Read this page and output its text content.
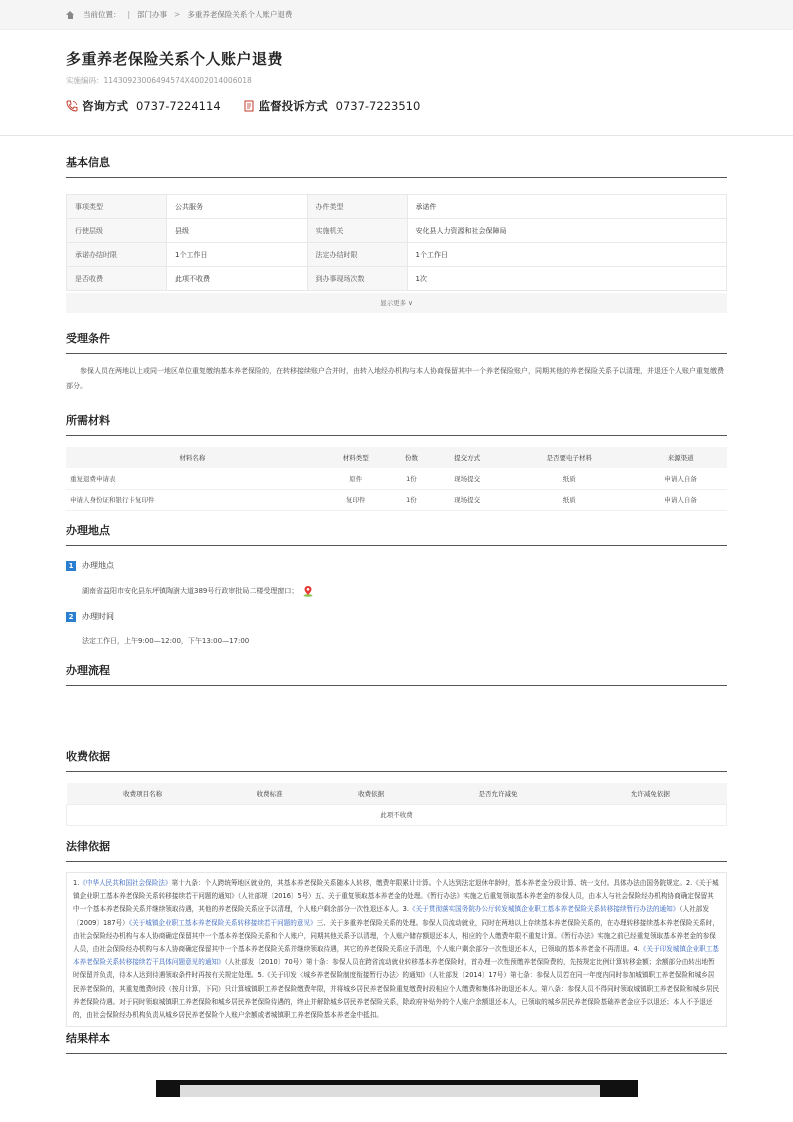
当前位置： | 部门办事 > 多重养老保险关系个人账户退费
多重养老保险关系个人账户退费
实施编码：11430923006494574X4002014006018
咨询方式 0737-7224114	监督投诉方式 0737-7223510
基本信息
事项类型	公共服务	办件类型	承诺件
行使层级	县级	实施机关	安化县人力资源和社会保障局
承诺办结时限	1个工作日	法定办结时限	1个工作日
是否收费	此项不收费	到办事现场次数	1次
显示更多 ∨
受理条件
参保人员在两地以上或同一地区单位重复缴纳基本养老保险的，在转移接续账户合并时，由转入地经办机构与本人协商保留其中一个养老保险账户，同期其他的养老保险关系予以清理，并退还个人账户重复缴费部分。
所需材料
材料名称	材料类型	份数	提交方式	是否要电子材料	来源渠道
重复退费申请表	原件	1份	现场提交	纸质	申请人自备
申请人身份证和银行卡复印件	复印件	1份	现场提交	纸质	申请人自备
办理地点
1	办理地点
湖南省益阳市安化县东坪镇陶澍大道389号行政审批局二楼受理窗口；
2	办理时间
法定工作日，上午9:00—12:00，下午13:00—17:00
办理流程
收费依据
收费项目名称	收费标准	收费依据	是否允许减免	允许减免依据
此项不收费
法律依据
1.《中华人民共和国社会保险法》第十九条：个人跨统筹地区就业的，其基本养老保险关系随本人转移，缴费年限累计计算。个人达到法定退休年龄时，基本养老金分段计算、统一支付。具体办法由国务院规定。2.《关于城镇企业职工基本养老保险关系转移接续若干问题的通知》（人社部规〔2016〕5号）五、关于重复领取基本养老金的处理。《暂行办法》实施之后重复领取基本养老金的参保人员，由本人与社会保险经办机构协商确定保留其中一个基本养老保险关系并继续领取待遇，其他的养老保险关系应予以清理，个人账户剩余部分一次性退还本人。3.《关于贯彻落实国务院办公厅转发城镇企业职工基本养老保险关系转移接续暂行办法的通知》（人社部发〔2009〕187号）《关于城镇企业职工基本养老保险关系转移接续若干问题的意见》三、关于多重养老保险关系的处理。参保人员流动就业，同时在两地以上存续基本养老保险关系的，在办理转移接续基本养老保险关系时，由社会保险经办机构与本人协商确定保留其中一个基本养老保险关系和个人账户，同期其他关系予以清理，个人账户储存额退还本人，相应的个人缴费年限不重复计算。《暂行办法》实施之前已经重复领取基本养老金的参保人员，由社会保险经办机构与本人协商确定保留其中一个基本养老保险关系并继续领取待遇，其它的养老保险关系应予清理，个人账户剩余部分一次性退还本人，已领取的基本养老金不再清退。4.《关于印发城镇企业职工基本养老保险关系转移接续若干具体问题意见的通知》（人社部发〔2010〕70号）第十条：参保人员在跨省流动就业转移基本养老保险时，首办理一次性预缴养老保险费的，先按规定比例计算转移金额；余额部分由转出地暂时保留并负责，待本人达到待遇领取条件时再按有关规定处理。5.《关于印发〈城乡养老保险制度衔接暂行办法〉的通知》（人社部发〔2014〕17号）第七条：参保人员若在同一年度内同时参加城镇职工养老保险和城乡居民养老保险的，其重复缴费时段（按月计算，下同）只计算城镇职工养老保险缴费年限，并将城乡居民养老保险重复缴费时段相应个人缴费和集体补助退还本人。第八条：参保人员不得同时领取城镇职工养老保险和城乡居民养老保险待遇。对于同时领取城镇职工养老保险和城乡居民养老保险待遇的，终止并解除城乡居民养老保险关系，除政府补贴外的个人账户余额退还本人，已领取的城乡居民养老保险基础养老金应予以退还；本人不予退还的，由社会保险经办机构负责从城乡居民养老保险个人账户余额或者城镇职工养老保险基本养老金中抵扣。
结果样本
